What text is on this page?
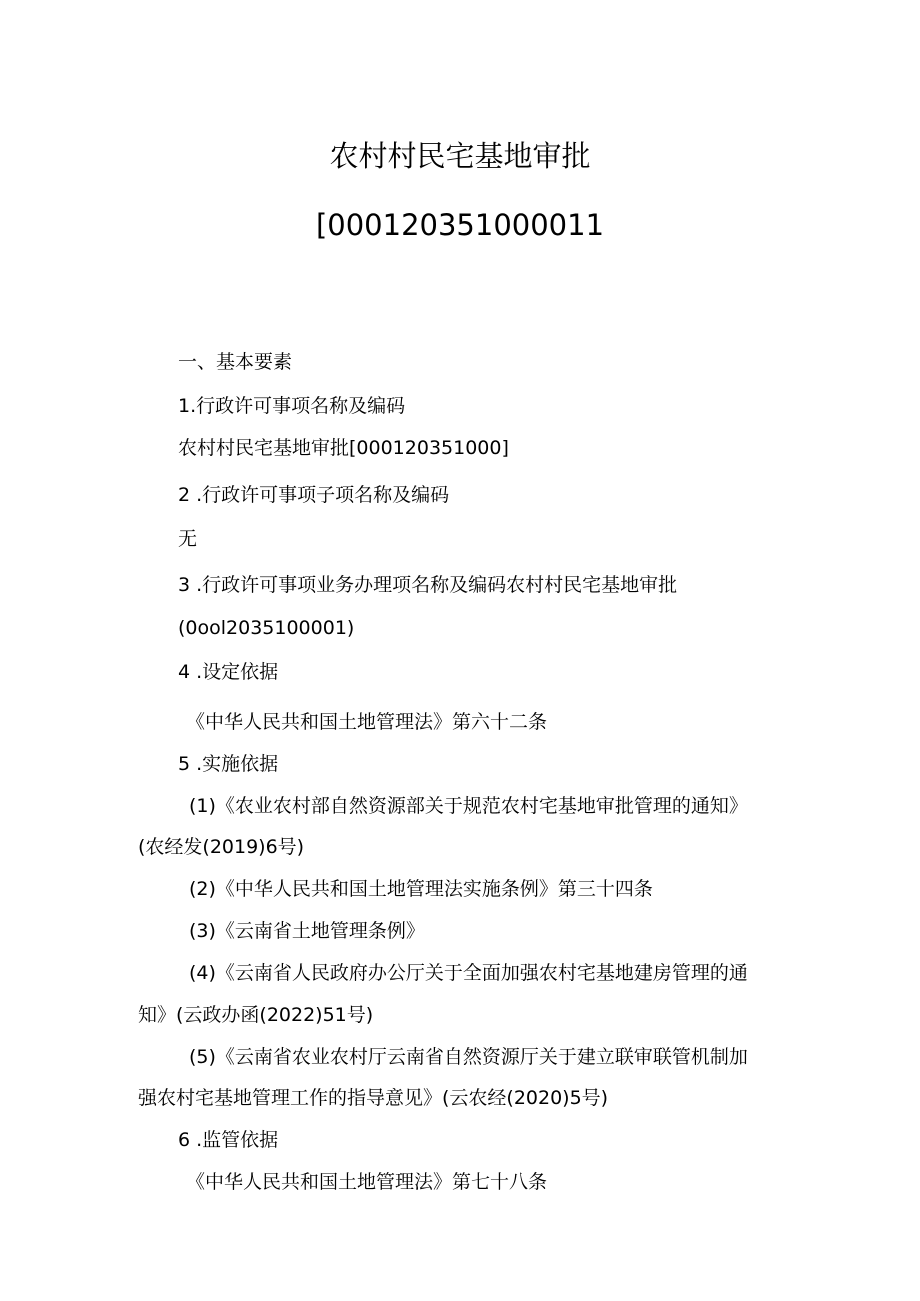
农村村民宅基地审批
[000120351000011
一、基本要素
1.行政许可事项名称及编码
农村村民宅基地审批[000120351000]
2 .行政许可事项子项名称及编码
无
3 .行政许可事项业务办理项名称及编码农村村民宅基地审批
(0ool2035100001)
4 .设定依据
《中华人民共和国土地管理法》第六十二条
5 .实施依据
(1)《农业农村部自然资源部关于规范农村宅基地审批管理的通知》
(农经发(2019)6号)
(2)《中华人民共和国土地管理法实施条例》第三十四条
(3)《云南省土地管理条例》
(4)《云南省人民政府办公厅关于全面加强农村宅基地建房管理的通
知》(云政办函(2022)51号)
(5)《云南省农业农村厅云南省自然资源厅关于建立联审联管机制加
强农村宅基地管理工作的指导意见》(云农经(2020)5号)
6 .监管依据
《中华人民共和国土地管理法》第七十八条
